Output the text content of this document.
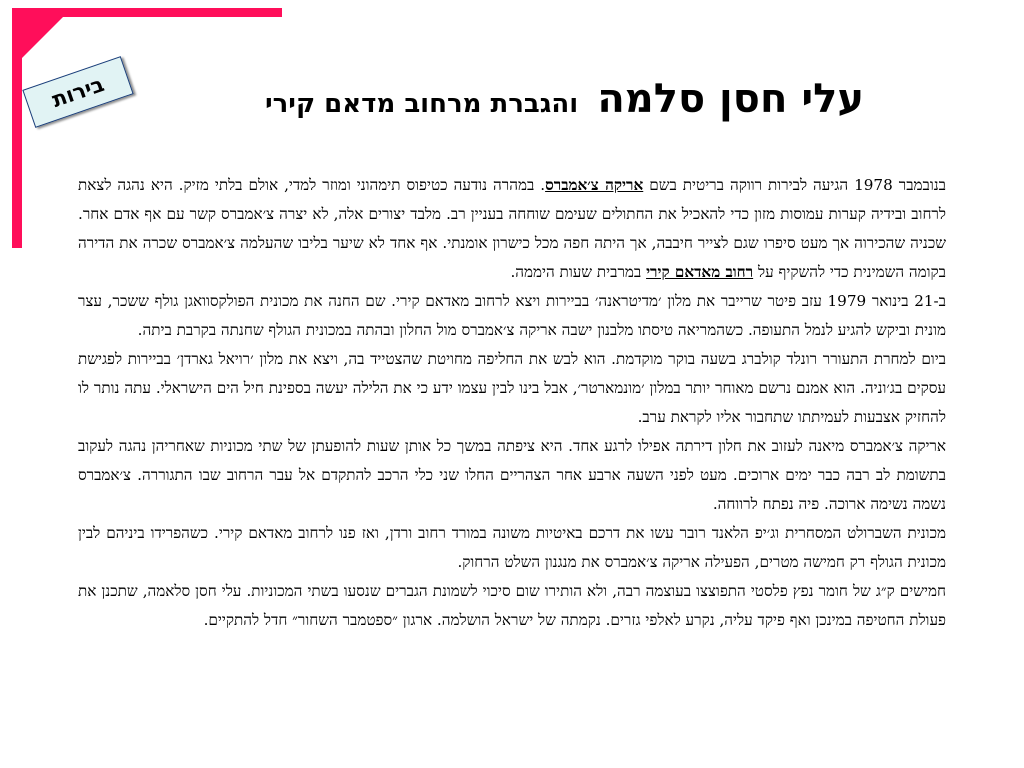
בירות	עלי חסן סלמה והגברת מרחוב מדאם קירי

בנובמבר 1978 הגיעה לבירות רווקה בריטית בשם אריקה צ׳אמברס. במהרה נודעה כטיפוס תימהוני ומוזר למדי, אולם בלתי מזיק. היא נהגה לצאת לרחוב ובידיה קערות עמוסות מזון כדי להאכיל את החתולים שעימם שוחחה בעניין רב. מלבד יצורים אלה, לא יצרה צ׳אמברס קשר עם אף אדם אחר. שכניה שהכירוה אך מעט סיפרו שגם לצייר חיבבה, אך היתה חפה מכל כישרון אומנתי. אף אחד לא שיער בליבו שהעלמה צ׳אמברס שכרה את הדירה בקומה השמינית כדי להשקיף על רחוב מאדאם קירי במרבית שעות היממה.

ב-21 בינואר 1979 עזב פיטר שרייבר את מלון ׳מדיטראנה׳ בביירות ויצא לרחוב מאדאם קירי. שם החנה את מכונית הפולקסוואגן גולף ששכר, עצר מונית וביקש להגיע לנמל התעופה. כשהמריאה טיסתו מלבנון ישבה אריקה צ׳אמברס מול החלון ובהתה במכונית הגולף שחנתה בקרבת ביתה.

ביום למחרת התעורר רונלד קולברג בשעה בוקר מוקדמת. הוא לבש את החליפה מחויטת שהצטייד בה, ויצא את מלון ׳רויאל גארדן׳ בביירות לפגישת עסקים בג׳וניה. הוא אמנם נרשם מאוחר יותר במלון ׳מונמארטר׳, אבל בינו לבין עצמו ידע כי את הלילה יעשה בספינת חיל הים הישראלי. עתה נותר לו להחזיק אצבעות לעמיתתו שתחבור אליו לקראת ערב.

אריקה צ׳אמברס מיאנה לעזוב את חלון דירתה אפילו לרגע אחד. היא ציפתה במשך כל אותן שעות להופעתן של שתי מכוניות שאחריהן נהגה לעקוב בתשומת לב רבה כבר ימים ארוכים. מעט לפני השעה ארבע אחר הצהריים החלו שני כלי הרכב להתקדם אל עבר הרחוב שבו התגוררה. צ׳אמברס נשמה נשימה ארוכה. פיה נפתח לרווחה.

מכונית השברולט המסחרית וג׳יפ הלאנד רובר עשו את דרכם באיטיות משונה במורד רחוב ורדן, ואז פנו לרחוב מאדאם קירי. כשהפרידו ביניהם לבין מכונית הגולף רק חמישה מטרים, הפעילה אריקה צ׳אמברס את מנגנון השלט הרחוק.

חמישים ק״ג של חומר נפץ פלסטי התפוצצו בעוצמה רבה, ולא הותירו שום סיכוי לשמונת הגברים שנסעו בשתי המכוניות. עלי חסן סלאמה, שתכנן את פעולת החטיפה במינכן ואף פיקד עליה, נקרע לאלפי גזרים. נקמתה של ישראל הושלמה. ארגון ״ספטמבר השחור״ חדל להתקיים.
